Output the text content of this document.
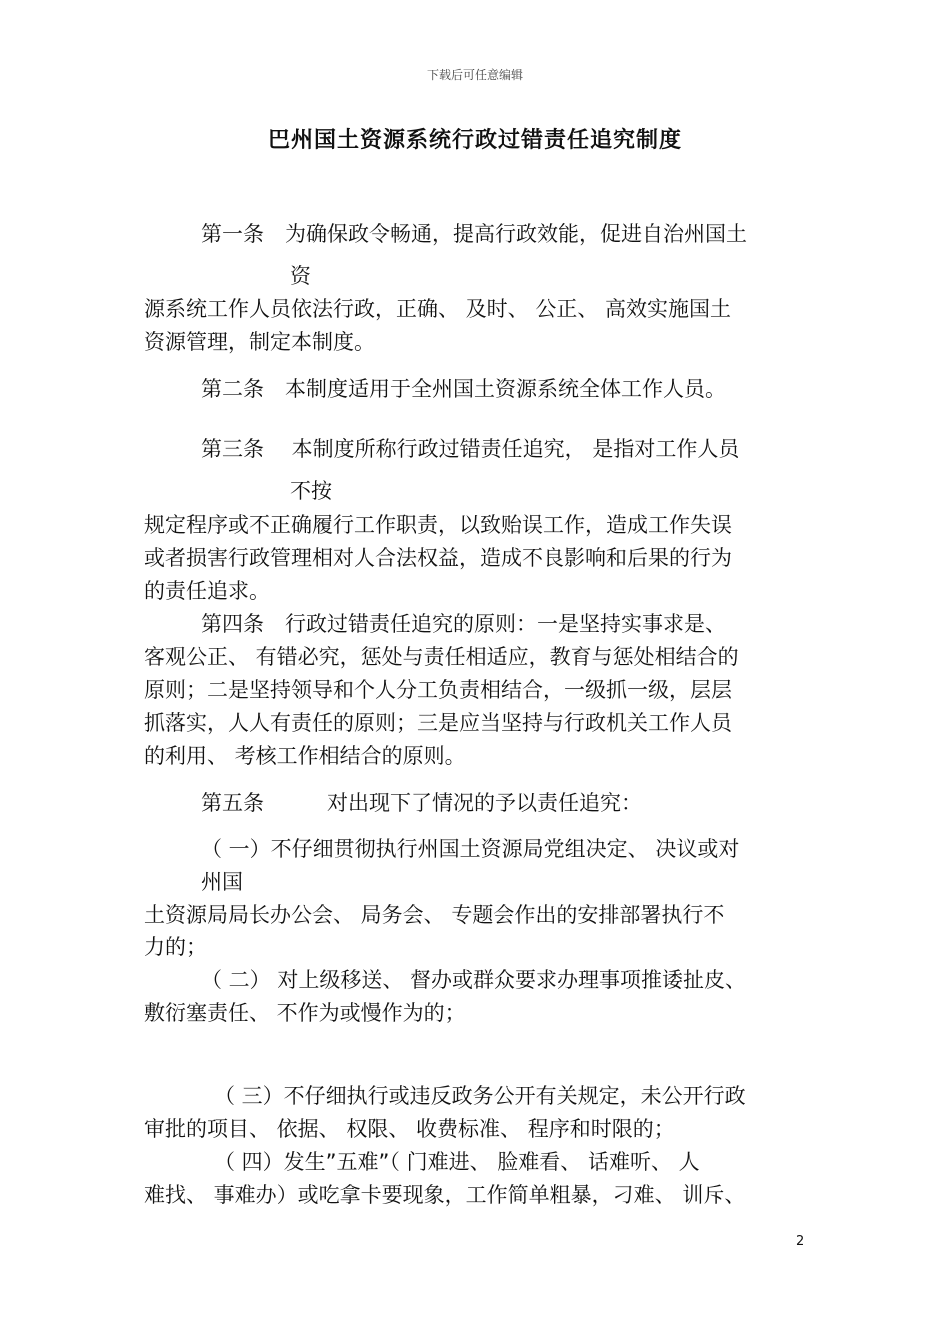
下载后可任意编辑
巴州国土资源系统行政过错责任追究制度
第一条　为确保政令畅通，提高行政效能，促进自治州国土
资
源系统工作人员依法行政，正确、 及时、 公正、 高效实施国土
资源管理，制定本制度。
第二条　本制度适用于全州国土资源系统全体工作人员。
第三条　 本制度所称行政过错责任追究， 是指对工作人员
不按
规定程序或不正确履行工作职责，以致贻误工作，造成工作失误
或者损害行政管理相对人合法权益，造成不良影响和后果的行为
的责任追求。
第四条　行政过错责任追究的原则：一是坚持实事求是、
客观公正、 有错必究，惩处与责任相适应，教育与惩处相结合的
原则；二是坚持领导和个人分工负责相结合，一级抓一级，层层
抓落实，人人有责任的原则；三是应当坚持与行政机关工作人员
的利用、 考核工作相结合的原则。
第五条　　　对出现下了情况的予以责任追究：
（ 一）不仔细贯彻执行州国土资源局党组决定、 决议或对
州国
土资源局局长办公会、 局务会、 专题会作出的安排部署执行不
力的；
（ 二） 对上级移送、 督办或群众要求办理事项推诿扯皮、
敷衍塞责任、 不作为或慢作为的；
（ 三）不仔细执行或违反政务公开有关规定，未公开行政
审批的项目、 依据、 权限、 收费标准、 程序和时限的；
（ 四）发生”五难”（ 门难进、 脸难看、 话难听、 人
难找、 事难办）或吃拿卡要现象，工作简单粗暴，刁难、 训斥、
2
